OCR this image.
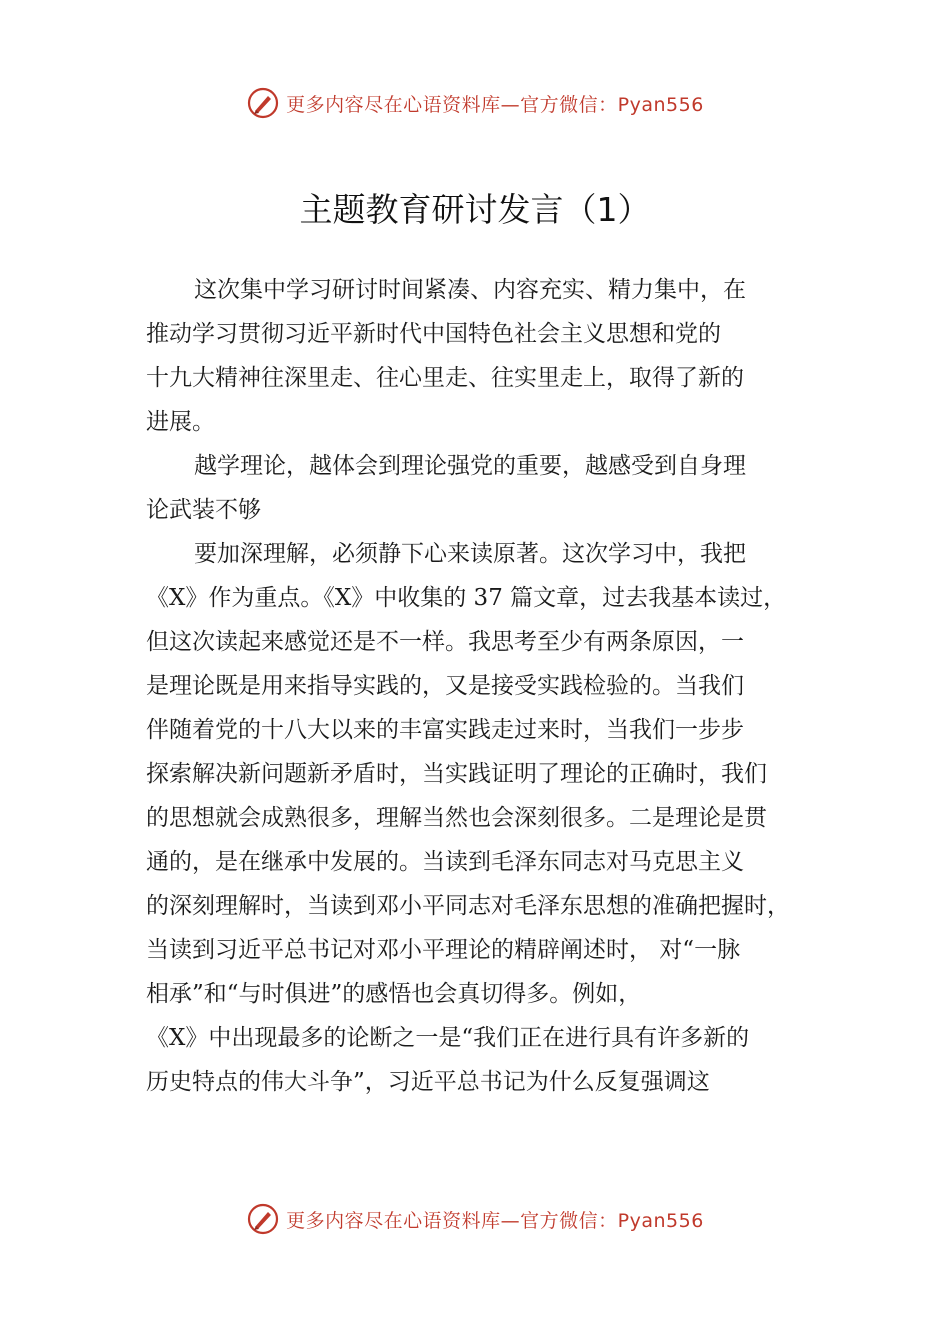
更多内容尽在心语资料库—官方微信：Pyan556
主题教育研讨发言（1）
这次集中学习研讨时间紧凑、内容充实、精力集中，在
推动学习贯彻习近平新时代中国特色社会主义思想和党的
十九大精神往深里走、往心里走、往实里走上，取得了新的
进展。
越学理论，越体会到理论强党的重要，越感受到自身理
论武装不够
要加深理解，必须静下心来读原著。这次学习中，我把
《X》作为重点。《X》中收集的 37 篇文章，过去我基本读过，
但这次读起来感觉还是不一样。我思考至少有两条原因，一
是理论既是用来指导实践的，又是接受实践检验的。当我们
伴随着党的十八大以来的丰富实践走过来时，当我们一步步
探索解决新问题新矛盾时，当实践证明了理论的正确时，我们
的思想就会成熟很多，理解当然也会深刻很多。二是理论是贯
通的，是在继承中发展的。当读到毛泽东同志对马克思主义
的深刻理解时，当读到邓小平同志对毛泽东思想的准确把握时，
当读到习近平总书记对邓小平理论的精辟阐述时， 对“一脉
相承”和“与时俱进”的感悟也会真切得多。例如，
《X》中出现最多的论断之一是“我们正在进行具有许多新的
历史特点的伟大斗争”，习近平总书记为什么反复强调这
更多内容尽在心语资料库—官方微信：Pyan556
